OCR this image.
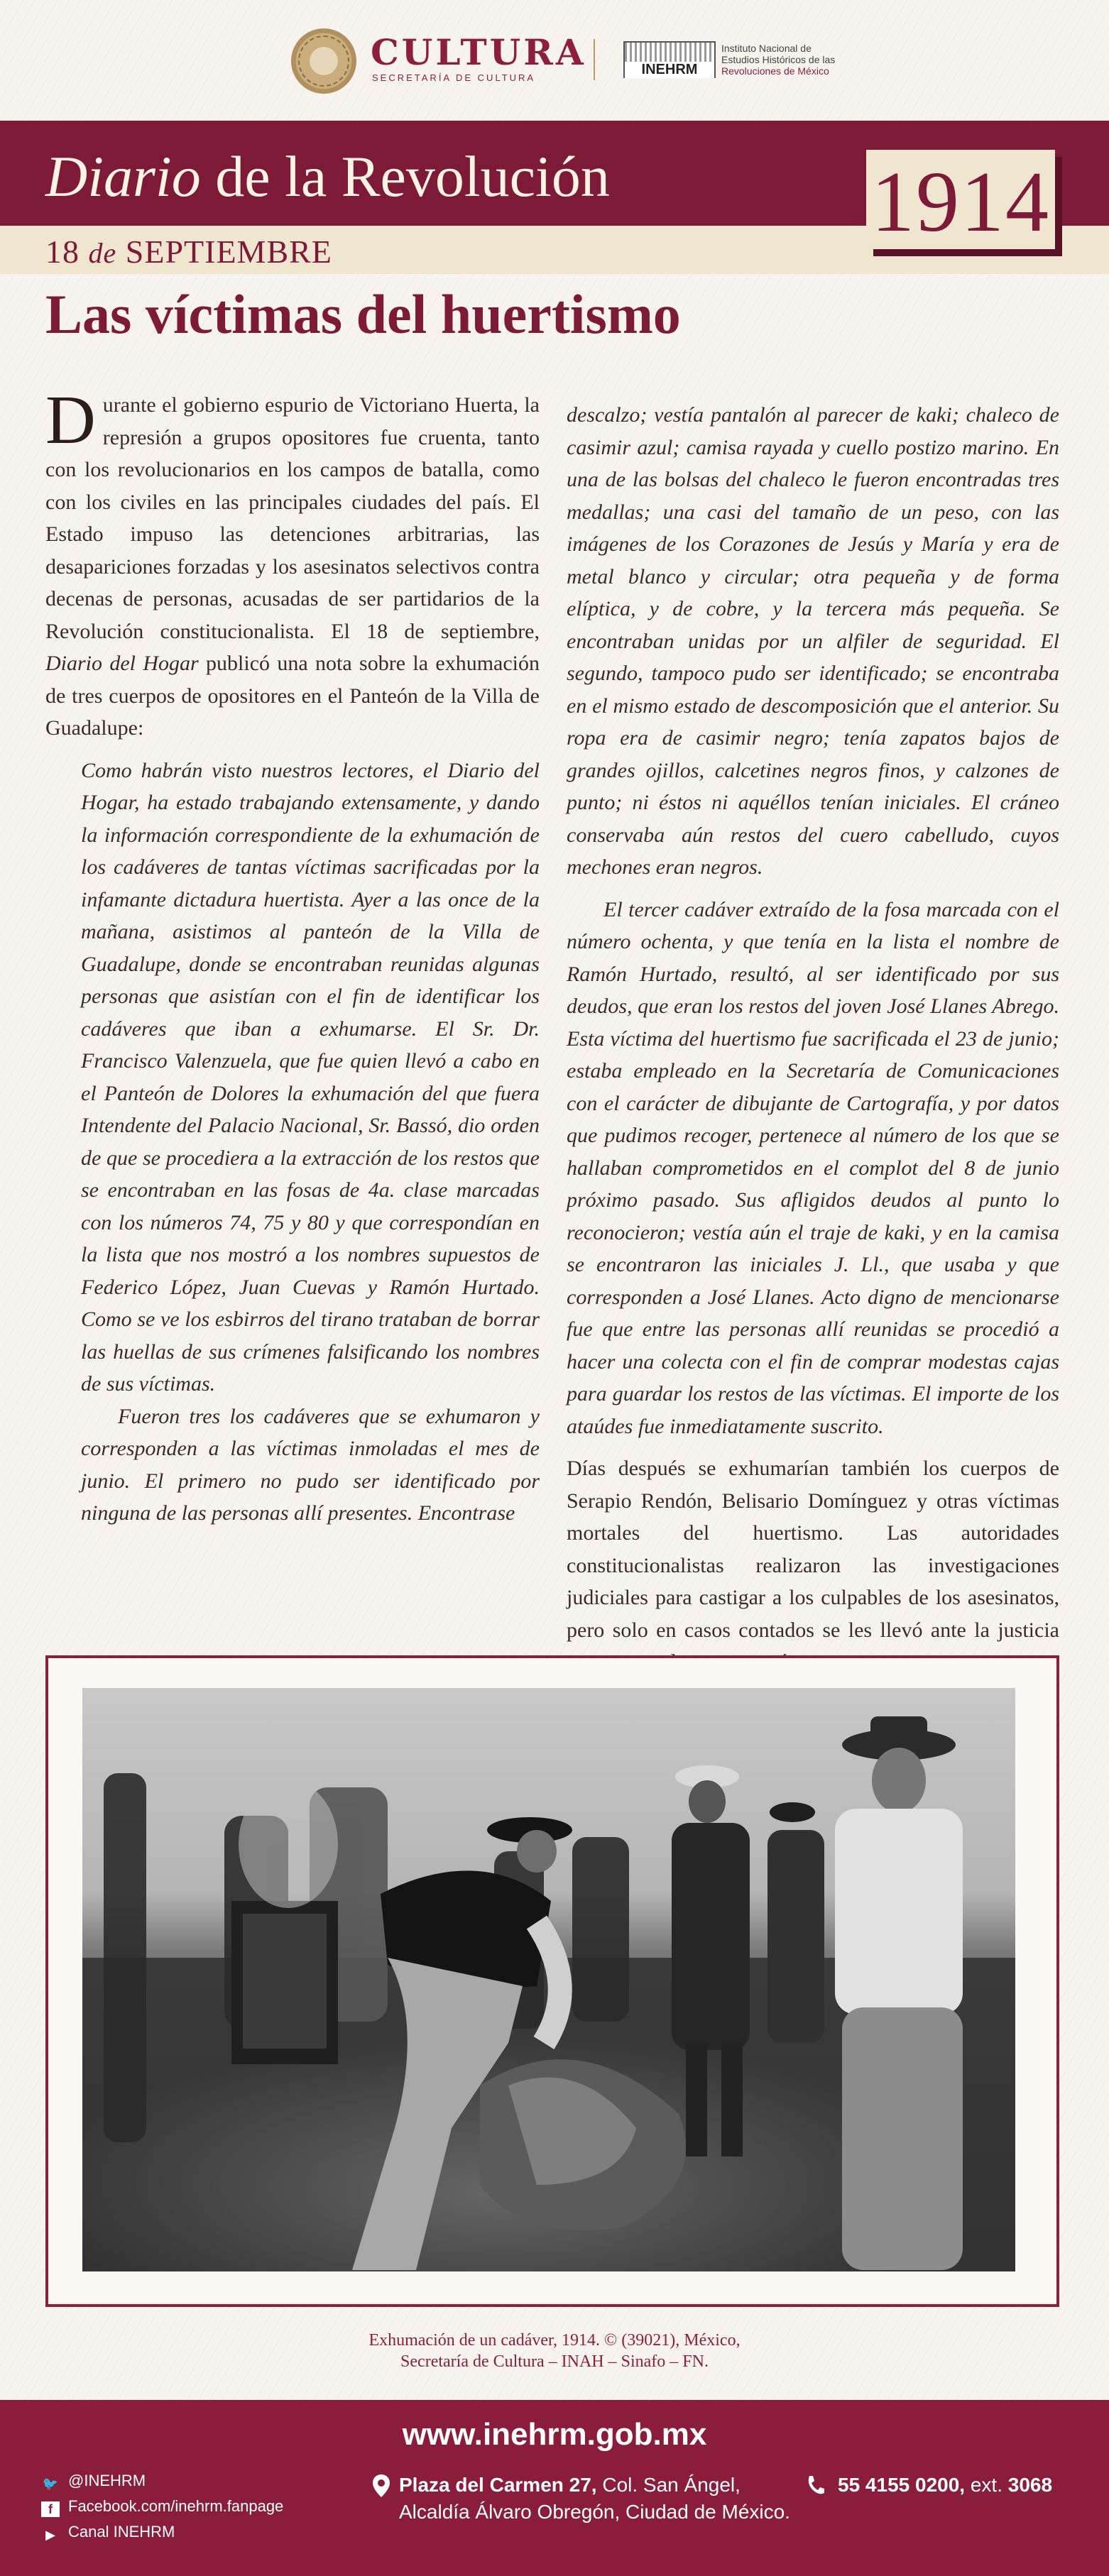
CULTURA
SECRETARÍA DE CULTURA
INEHRM
Instituto Nacional de
Estudios Históricos de las
Revoluciones de México
Diario de la Revolución
18 de SEPTIEMBRE
1914
Las víctimas del huertismo

Durante el gobierno espurio de Victoriano Huerta, la represión a grupos opositores fue cruenta, tanto con los revolucionarios en los campos de batalla, como con los civiles en las principales ciudades del país. El Estado impuso las detenciones arbitrarias, las desapariciones forzadas y los asesinatos selectivos contra decenas de personas, acusadas de ser partidarios de la Revolución constitucionalista. El 18 de septiembre, Diario del Hogar publicó una nota sobre la exhumación de tres cuerpos de opositores en el Panteón de la Villa de Guadalupe:

Como habrán visto nuestros lectores, el Diario del Hogar, ha estado trabajando extensamente, y dando la información correspondiente de la exhumación de los cadáveres de tantas víctimas sacrificadas por la infamante dictadura huertista. Ayer a las once de la mañana, asistimos al panteón de la Villa de Guadalupe, donde se encontraban reunidas algunas personas que asistían con el fin de identificar los cadáveres que iban a exhumarse. El Sr. Dr. Francisco Valenzuela, que fue quien llevó a cabo en el Panteón de Dolores la exhumación del que fuera Intendente del Palacio Nacional, Sr. Bassó, dio orden de que se procediera a la extracción de los restos que se encontraban en las fosas de 4a. clase marcadas con los números 74, 75 y 80 y que correspondían en la lista que nos mostró a los nombres supuestos de Federico López, Juan Cuevas y Ramón Hurtado. Como se ve los esbirros del tirano trataban de borrar las huellas de sus crímenes falsificando los nombres de sus víctimas.

Fueron tres los cadáveres que se exhumaron y corresponden a las víctimas inmoladas el mes de junio. El primero no pudo ser identificado por ninguna de las personas allí presentes. Encontrase

descalzo; vestía pantalón al parecer de kaki; chaleco de casimir azul; camisa rayada y cuello postizo marino. En una de las bolsas del chaleco le fueron encontradas tres medallas; una casi del tamaño de un peso, con las imágenes de los Corazones de Jesús y María y era de metal blanco y circular; otra pequeña y de forma elíptica, y de cobre, y la tercera más pequeña. Se encontraban unidas por un alfiler de seguridad. El segundo, tampoco pudo ser identificado; se encontraba en el mismo estado de descomposición que el anterior. Su ropa era de casimir negro; tenía zapatos bajos de grandes ojillos, calcetines negros finos, y calzones de punto; ni éstos ni aquéllos tenían iniciales. El cráneo conservaba aún restos del cuero cabelludo, cuyos mechones eran negros.

El tercer cadáver extraído de la fosa marcada con el número ochenta, y que tenía en la lista el nombre de Ramón Hurtado, resultó, al ser identificado por sus deudos, que eran los restos del joven José Llanes Abrego. Esta víctima del huertismo fue sacrificada el 23 de junio; estaba empleado en la Secretaría de Comunicaciones con el carácter de dibujante de Cartografía, y por datos que pudimos recoger, pertenece al número de los que se hallaban comprometidos en el complot del 8 de junio próximo pasado. Sus afligidos deudos al punto lo reconocieron; vestía aún el traje de kaki, y en la camisa se encontraron las iniciales J. Ll., que usaba y que corresponden a José Llanes. Acto digno de mencionarse fue que entre las personas allí reunidas se procedió a hacer una colecta con el fin de comprar modestas cajas para guardar los restos de las víctimas. El importe de los ataúdes fue inmediatamente suscrito.

Días después se exhumarían también los cuerpos de Serapio Rendón, Belisario Domínguez y otras víctimas mortales del huertismo. Las autoridades constitucionalistas realizaron las investigaciones judiciales para castigar a los culpables de los asesinatos, pero solo en casos contados se les llevó ante la justicia

Exhumación de un cadáver, 1914. © (39021), México,
Secretaría de Cultura – INAH – Sinafo – FN.
www.inehrm.gob.mx
🐦 @INEHRM
f Facebook.com/inehrm.fanpage
▶ Canal INEHRM
Plaza del Carmen 27, Col. San Ángel,
Alcaldía Álvaro Obregón, Ciudad de México.
55 4155 0200, ext. 3068
